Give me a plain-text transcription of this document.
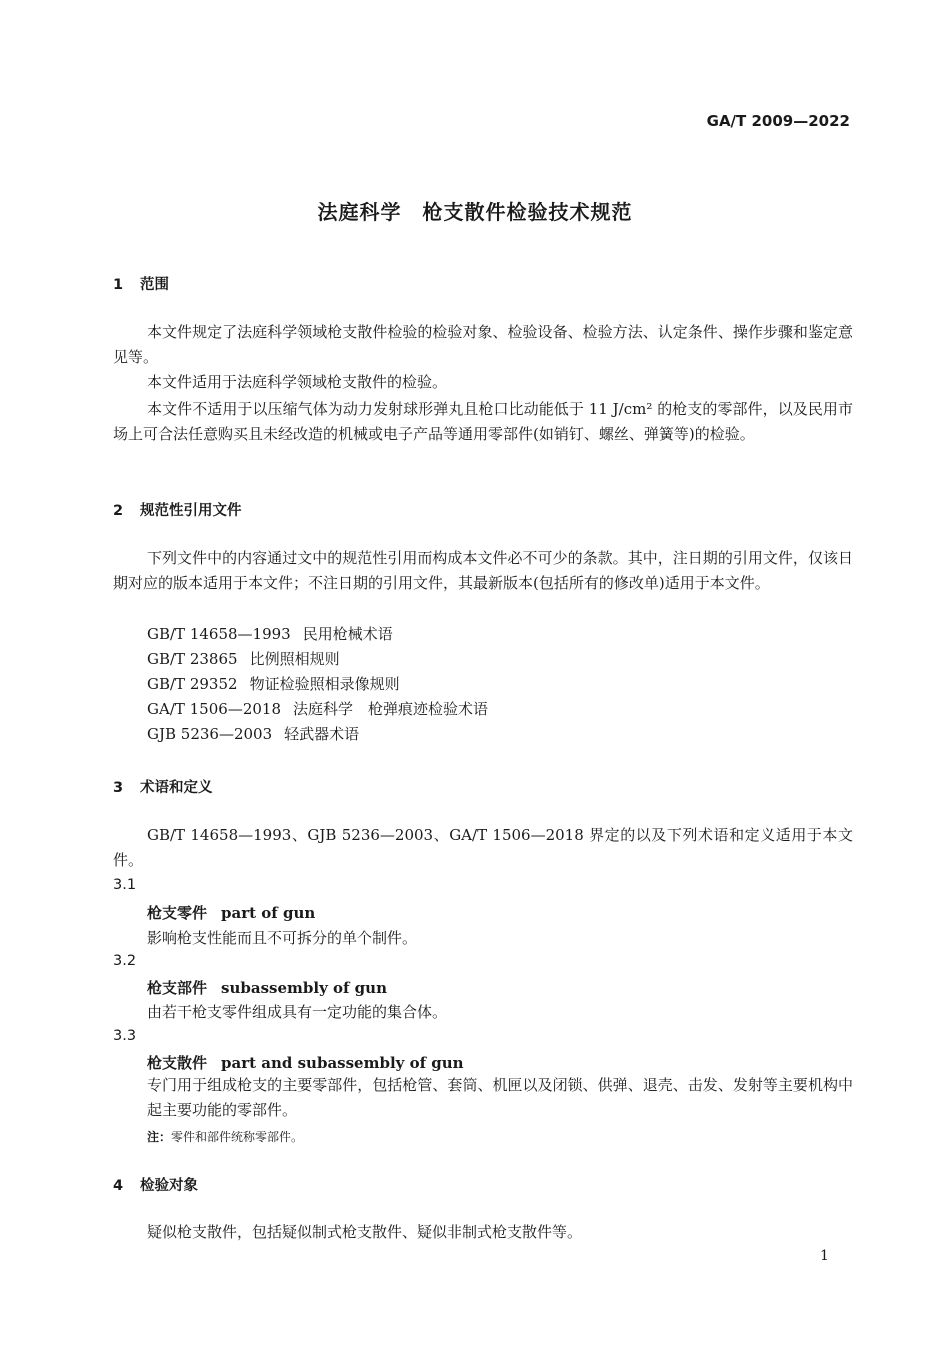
GA/T 2009—2022
法庭科学　枪支散件检验技术规范
1 范围

本文件规定了法庭科学领域枪支散件检验的检验对象、检验设备、检验方法、认定条件、操作步骤和鉴定意见等。

本文件适用于法庭科学领域枪支散件的检验。

本文件不适用于以压缩气体为动力发射球形弹丸且枪口比动能低于 11 J/cm² 的枪支的零部件，以及民用市场上可合法任意购买且未经改造的机械或电子产品等通用零部件(如销钉、螺丝、弹簧等)的检验。

2 规范性引用文件

下列文件中的内容通过文中的规范性引用而构成本文件必不可少的条款。其中，注日期的引用文件，仅该日期对应的版本适用于本文件；不注日期的引用文件，其最新版本(包括所有的修改单)适用于本文件。

GB/T 14658—1993 民用枪械术语
GB/T 23865 比例照相规则
GB/T 29352 物证检验照相录像规则
GA/T 1506—2018 法庭科学　枪弹痕迹检验术语
GJB 5236—2003 轻武器术语
3 术语和定义

GB/T 14658—1993、GJB 5236—2003、GA/T 1506—2018 界定的以及下列术语和定义适用于本文件。

3.1
枪支零件 part of gun
影响枪支性能而且不可拆分的单个制件。
3.2
枪支部件 subassembly of gun
由若干枪支零件组成具有一定功能的集合体。
3.3
枪支散件 part and subassembly of gun

专门用于组成枪支的主要零部件，包括枪管、套筒、机匣以及闭锁、供弹、退壳、击发、发射等主要机构中起主要功能的零部件。

注：零件和部件统称零部件。
4 检验对象

疑似枪支散件，包括疑似制式枪支散件、疑似非制式枪支散件等。

1
